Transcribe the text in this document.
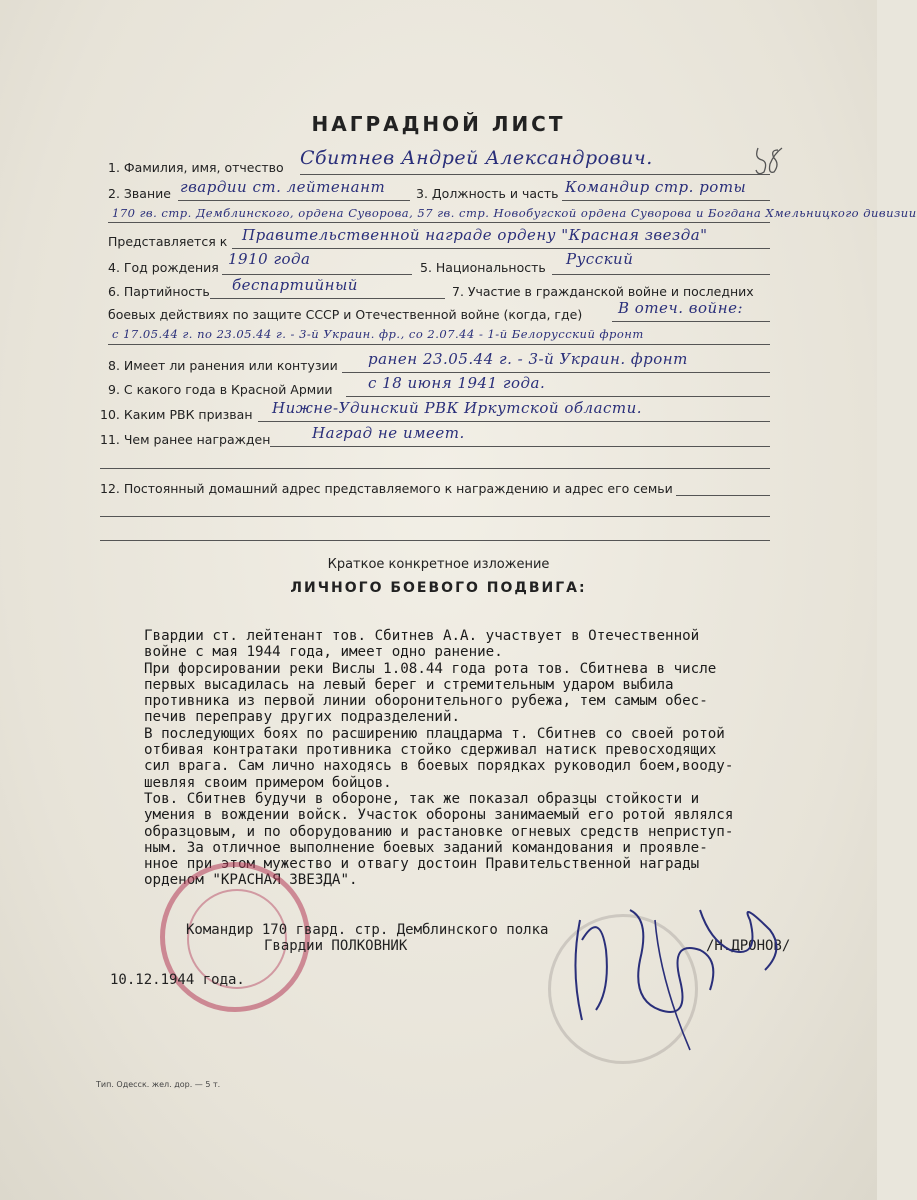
НАГРАДНОЙ ЛИСТ
1. Фамилия, имя, отчество Сбитнев Андрей Александрович.
2. Звание гвардии ст. лейтенант 3. Должность и часть Командир стр. роты
170 гв. стр. Демблинского, ордена Суворова, 57 гв. стр. Новобугской ордена Суворова и Богдана Хмельницкого дивизии
Представляется к Правительственной награде ордену "Красная звезда"
4. Год рождения 1910 года	5. Национальность Русский
6. Партийность беспартийный	7. Участие в гражданской войне и последних
боевых действиях по защите СССР и Отечественной войне (когда, где) В отеч. войне:
с 17.05.44 г. по 23.05.44 г. - 3-й Украин. фр., со 2.07.44 - 1-й Белорусский фронт
8. Имеет ли ранения или контузии ранен 23.05.44 г. - 3-й Украин. фронт
9. С какого года в Красной Армии с 18 июня 1941 года.
10. Каким РВК призван Нижне-Удинский РВК Иркутской области.
11. Чем ранее награжден	Наград не имеет.
12. Постоянный домашний адрес представляемого к награждению и адрес его семьи
Краткое конкретное изложение
ЛИЧНОГО БОЕВОГО ПОДВИГА:
Гвардии ст. лейтенант тов. Сбитнев А.А. участвует в Отечественной
войне с мая 1944 года, имеет одно ранение.
При форсировании реки Вислы 1.08.44 года рота тов. Сбитнева в числе
первых высадилась на левый берег и стремительным ударом выбила
противника из первой линии оборонительного рубежа, тем самым обес-
печив переправу других подразделений.
В последующих боях по расширению плацдарма т. Сбитнев со своей ротой
отбивая контратаки противника стойко сдерживал натиск превосходящих
сил врага. Сам лично находясь в боевых порядках руководил боем,вооду-
шевляя своим примером бойцов.
Тов. Сбитнев будучи в обороне, так же показал образцы стойкости и
умения в вождении войск. Участок обороны занимаемый его ротой являлся
образцовым, и по оборудованию и растановке огневых средств неприступ-
ным. За отличное выполнение боевых заданий командования и проявле-
нное при этом мужество и отвагу достоин Правительственной награды
орденом "КРАСНАЯ ЗВЕЗДА".
Командир 170 гвард. стр. Демблинского полка
Гвардии ПОЛКОВНИК	/Н.ДРОНОВ/
10.12.1944 года.
Тип. Одесск. жел. дор. — 5 т.
